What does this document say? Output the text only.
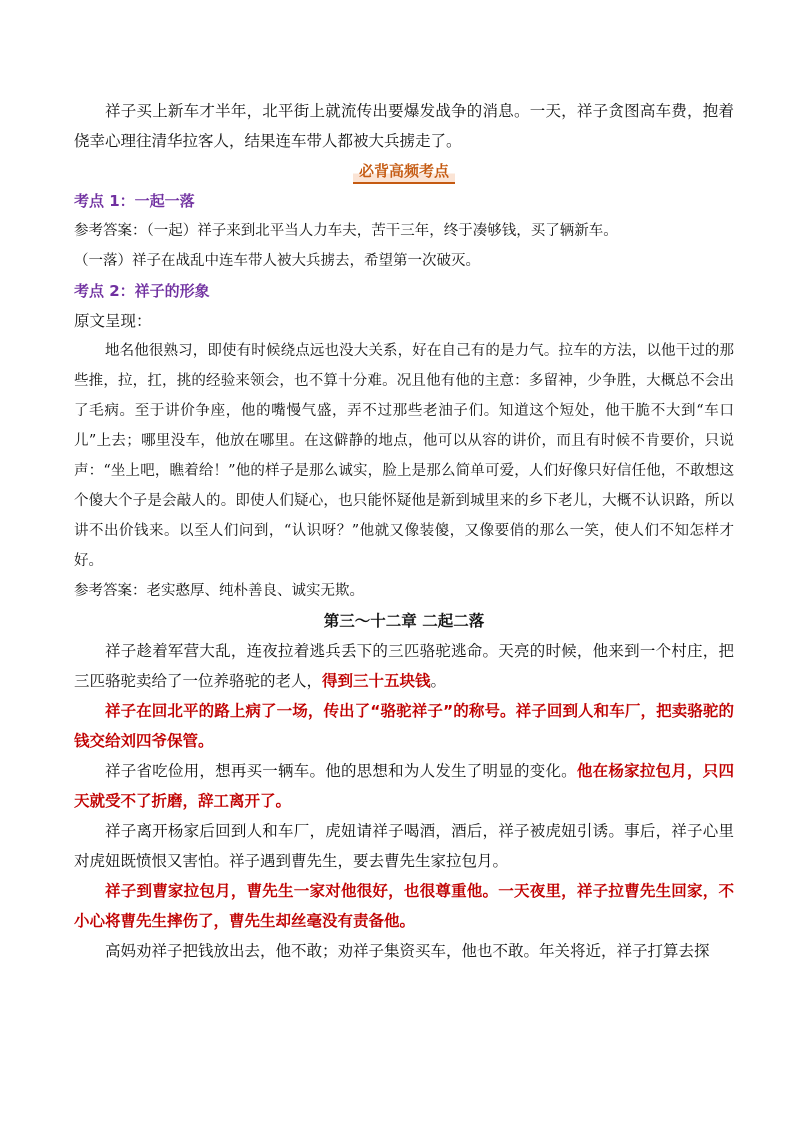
祥子买上新车才半年，北平街上就流传出要爆发战争的消息。一天，祥子贪图高车费，抱着侥幸心理往清华拉客人，结果连车带人都被大兵掳走了。

必背高频考点

考点 1：一起一落

参考答案：（一起）祥子来到北平当人力车夫，苦干三年，终于凑够钱，买了辆新车。

（一落）祥子在战乱中连车带人被大兵掳去，希望第一次破灭。

考点 2：祥子的形象

原文呈现：

地名他很熟习，即使有时候绕点远也没大关系，好在自己有的是力气。拉车的方法，以他干过的那些推，拉，扛，挑的经验来领会，也不算十分难。况且他有他的主意：多留神，少争胜，大概总不会出了毛病。至于讲价争座，他的嘴慢气盛，弄不过那些老油子们。知道这个短处，他干脆不大到“车口儿”上去；哪里没车，他放在哪里。在这僻静的地点，他可以从容的讲价，而且有时候不肯要价，只说声：“坐上吧，瞧着给！”他的样子是那么诚实，脸上是那么简单可爱，人们好像只好信任他，不敢想这个傻大个子是会敲人的。即使人们疑心，也只能怀疑他是新到城里来的乡下老儿，大概不认识路，所以讲不出价钱来。以至人们问到，“认识呀？”他就又像装傻，又像要俏的那么一笑，使人们不知怎样才好。

参考答案：老实憨厚、纯朴善良、诚实无欺。

第三～十二章 二起二落

祥子趁着军营大乱，连夜拉着逃兵丢下的三匹骆驼逃命。天亮的时候，他来到一个村庄，把三匹骆驼卖给了一位养骆驼的老人，得到三十五块钱。

祥子在回北平的路上病了一场，传出了“骆驼祥子”的称号。祥子回到人和车厂，把卖骆驼的钱交给刘四爷保管。

祥子省吃俭用，想再买一辆车。他的思想和为人发生了明显的变化。他在杨家拉包月，只四天就受不了折磨，辞工离开了。

祥子离开杨家后回到人和车厂，虎妞请祥子喝酒，酒后，祥子被虎妞引诱。事后，祥子心里对虎妞既愤恨又害怕。祥子遇到曹先生，要去曹先生家拉包月。

祥子到曹家拉包月，曹先生一家对他很好，也很尊重他。一天夜里，祥子拉曹先生回家，不小心将曹先生摔伤了，曹先生却丝毫没有责备他。

高妈劝祥子把钱放出去，他不敢；劝祥子集资买车，他也不敢。年关将近，祥子打算去探
